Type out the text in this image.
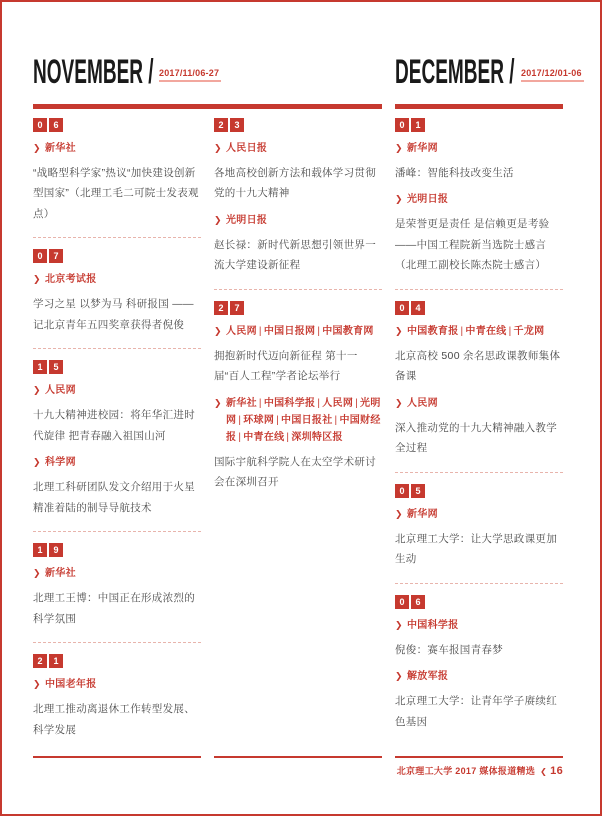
NOVEMBER / 2017/11/06-27	DECEMBER / 2017/12/01-06
0	6
❯ 新华社
“战略型科学家”热议“加快建设创新型国家”（北理工毛二可院士发表观点）
0	7
❯ 北京考试报
学习之星 以梦为马 科研报国 ——记北京青年五四奖章获得者倪俊
1	5
❯ 人民网
十九大精神进校园：将年华汇进时代旋律 把青春融入祖国山河
❯ 科学网
北理工科研团队发文介绍用于火星精准着陆的制导导航技术
1	9
❯ 新华社
北理工王博：中国正在形成浓烈的科学氛围
2	1
❯ 中国老年报
北理工推动离退休工作转型发展、科学发展
2	3
❯ 人民日报
各地高校创新方法和载体学习贯彻党的十九大精神
❯ 光明日报
赵长禄：新时代新思想引领世界一流大学建设新征程
2	7
❯ 人民网 | 中国日报网 | 中国教育网
拥抱新时代迈向新征程 第十一届“百人工程”学者论坛举行
❯ 新华社 | 中国科学报 | 人民网 | 光明网 | 环球网 | 中国日报社 | 中国财经报 | 中青在线 | 深圳特区报
国际宇航科学院人在太空学术研讨会在深圳召开
0	1
❯ 新华网
潘峰：智能科技改变生活
❯ 光明日报
是荣誉更是责任 是信赖更是考验——中国工程院新当选院士感言（北理工副校长陈杰院士感言）
0	4
❯ 中国教育报 | 中青在线 | 千龙网
北京高校 500 余名思政课教师集体备课
❯ 人民网
深入推动党的十九大精神融入教学全过程
0	5
❯ 新华网
北京理工大学：让大学思政课更加生动
0	6
❯ 中国科学报
倪俊：赛车报国青春梦
❯ 解放军报
北京理工大学：让青年学子赓续红色基因
北京理工大学 2017 媒体报道精选 ❮ 16
